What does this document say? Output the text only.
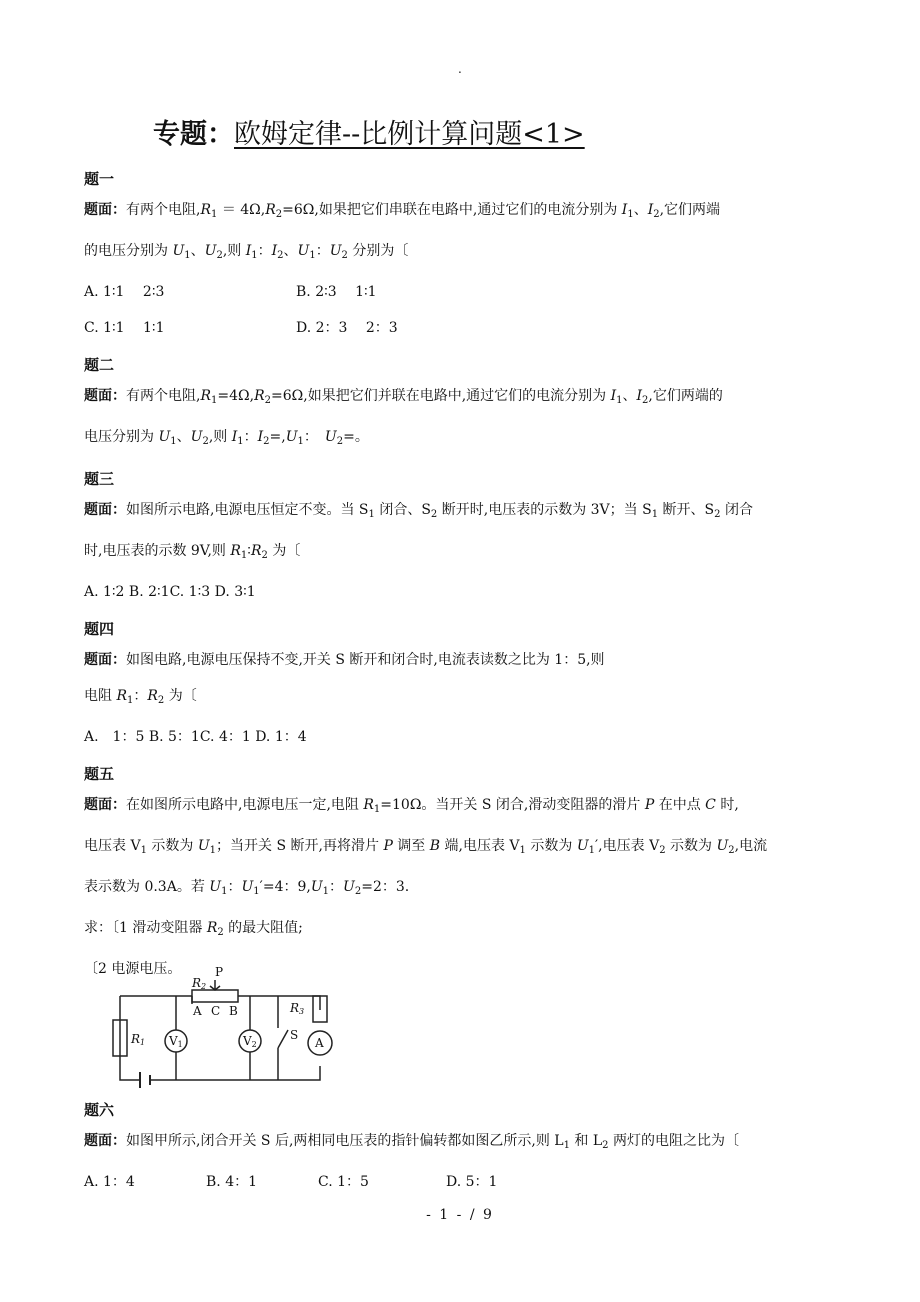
.
专题：欧姆定律--比例计算问题<1>
题一
题面：有两个电阻$,R_1 = 4\Omega,R_2=6\Omega$,如果把它们串联在电路中,通过它们的电流分别为 $I_1$、$I_2$,它们两端
的电压分别为 $U_1$、$U_2$,则 $I_1$：$I_2$、$U_1$：$U_2$ 分别为〔
A. 1∶1　 2∶3	B. 2∶3　 1∶1
C. 1∶1　 1∶1	D. 2：3　 2：3
题二
题面：有两个电阻$,R_1=4\Omega,R_2=6\Omega$,如果把它们并联在电路中,通过它们的电流分别为 $I_1$、$I_2$,它们两端的
电压分别为 $U_1$、$U_2$,则 $I_1$：$I_2=,U_1$：　$U_2=$。
题三
题面：如图所示电路,电源电压恒定不变。当 $S_1$ 闭合、$S_2$ 断开时,电压表的示数为 3V；当 $S_1$ 断开、$S_2$ 闭合
时,电压表的示数 9V,则 $R_1∶R_2$ 为〔
A. 1∶2 B. 2∶1C. 1∶3 D. 3∶1
题四
题面：如图电路,电源电压保持不变,开关 S 断开和闭合时,电流表读数之比为 1：5,则
电阻 $R_1$：$R_2$ 为〔
A.　1：5 B. 5：1C. 4：1 D. 1：4
题五
题面：在如图所示电路中,电源电压一定,电阻 $R_1=10\Omega$。当开关 S 闭合,滑动变阻器的滑片 P 在中点 C 时,
电压表 $V_1$ 示数为 $U_1$；当开关 S 断开,再将滑片 P 调至 B 端,电压表 $V_1$ 示数为 $U_1'$,电压表 $V_2$ 示数为 $U_2$,电流
表示数为 0.3A。若 $U_1$：$U_1'=4$：$9,U_1$：$U_2=2$：3.
求：〔1 滑动变阻器 $R_2$ 的最大阻值;
〔2 电源电压。	P
R2
A C B
R1 V1	V2
R3
S
A
题六
题面：如图甲所示,闭合开关 S 后,两相同电压表的指针偏转都如图乙所示,则 $L_1$ 和 $L_2$ 两灯的电阻之比为〔
A. 1：4	B. 4：1	C. 1：5	D. 5：1
- 1 - / 9
